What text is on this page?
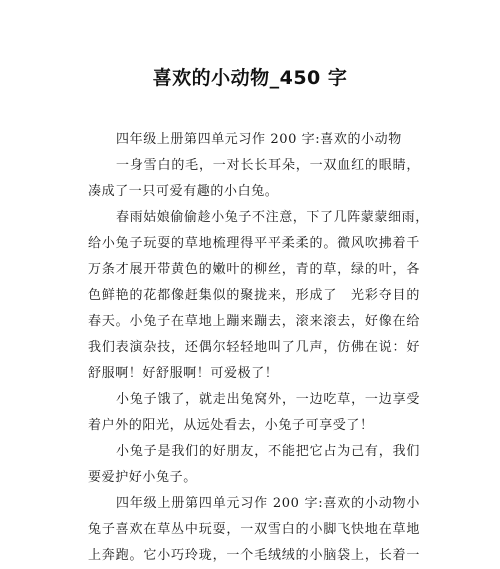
喜欢的小动物_450 字
四年级上册第四单元习作 200 字:喜欢的小动物
一身雪白的毛，一对长长耳朵，一双血红的眼睛，
凑成了一只可爱有趣的小白兔。
春雨姑娘偷偷趁小兔子不注意，下了几阵蒙蒙细雨，
给小兔子玩耍的草地梳理得平平柔柔的。微风吹拂着千
万条才展开带黄色的嫩叶的柳丝，青的草，绿的叶，各
色鲜艳的花都像赶集似的聚拢来，形成了　光彩夺目的
春天。小兔子在草地上蹦来蹦去，滚来滚去，好像在给
我们表演杂技，还偶尔轻轻地叫了几声，仿佛在说：好
舒服啊！好舒服啊！可爱极了！
小兔子饿了，就走出兔窝外，一边吃草，一边享受
着户外的阳光，从远处看去，小兔子可享受了！
小兔子是我们的好朋友，不能把它占为己有，我们
要爱护好小兔子。
四年级上册第四单元习作 200 字:喜欢的小动物小
兔子喜欢在草丛中玩耍，一双雪白的小脚飞快地在草地
上奔跑。它小巧玲珑，一个毛绒绒的小脑袋上，长着一
